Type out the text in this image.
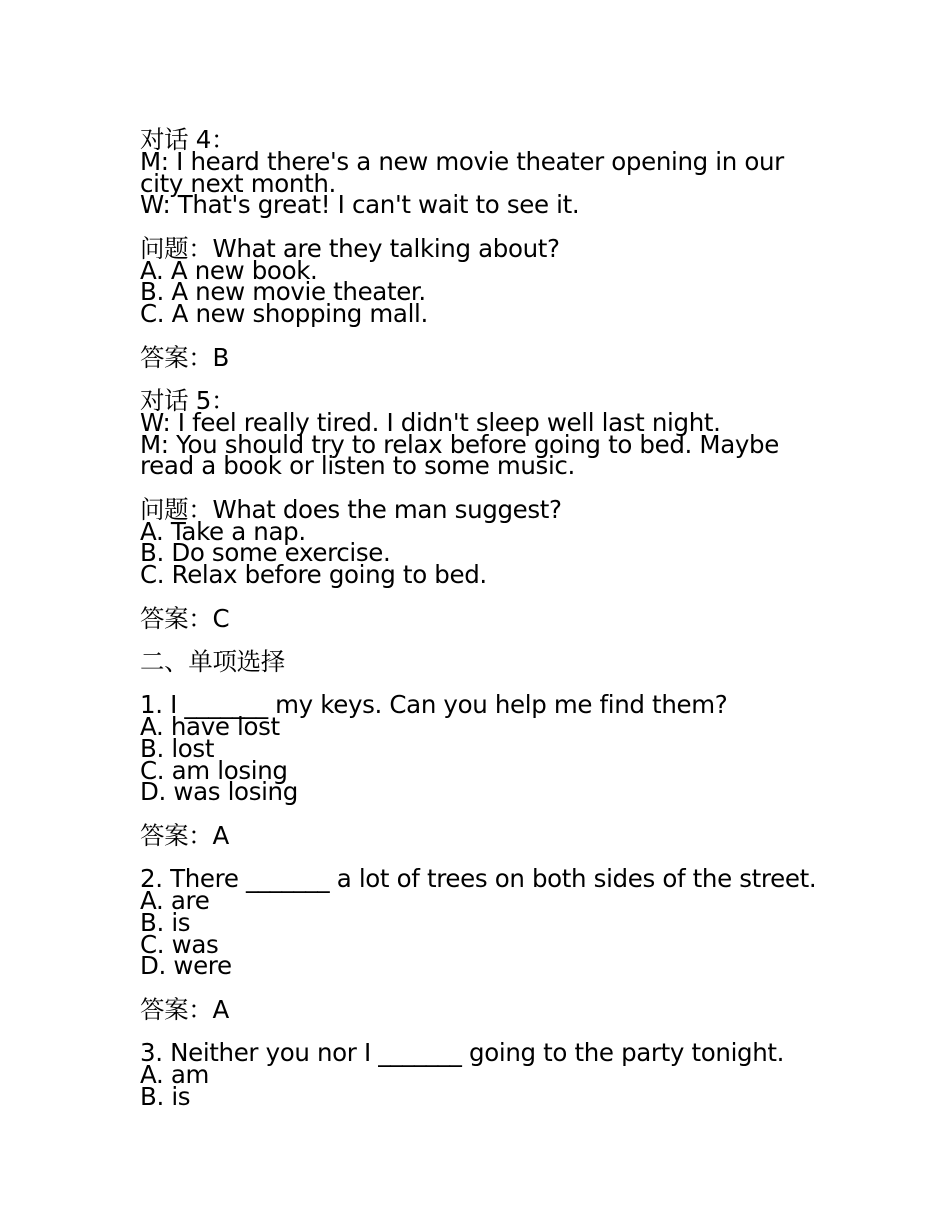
对话 4：
M: I heard there's a new movie theater opening in our city next month.
W: That's great! I can't wait to see it.
问题：What are they talking about?
A. A new book.
B. A new movie theater.
C. A new shopping mall.
答案：B
对话 5：
W: I feel really tired. I didn't sleep well last night.
M: You should try to relax before going to bed. Maybe read a book or listen to some music.
问题：What does the man suggest?
A. Take a nap.
B. Do some exercise.
C. Relax before going to bed.
答案：C
二、单项选择
1. I _______ my keys. Can you help me find them?
A. have lost
B. lost
C. am losing
D. was losing
答案：A
2. There _______ a lot of trees on both sides of the street.
A. are
B. is
C. was
D. were
答案：A
3. Neither you nor I _______ going to the party tonight.
A. am
B. is
